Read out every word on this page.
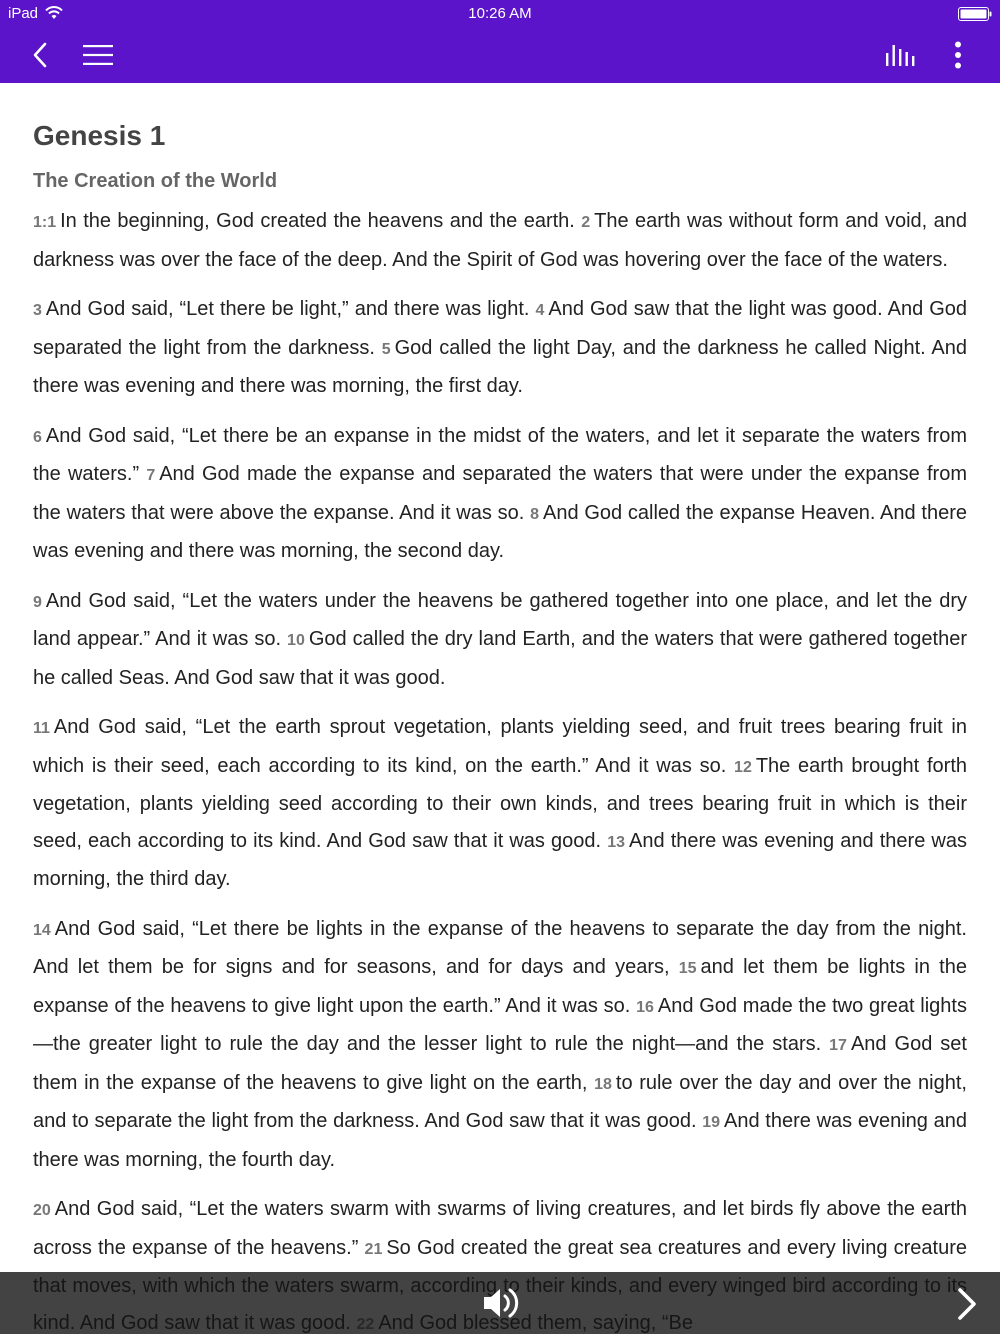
iPad	10:26 AM
Genesis 1
The Creation of the World

1:1 In the beginning, God created the heavens and the earth. 2 The earth was without form and void, and darkness was over the face of the deep. And the Spirit of God was hovering over the face of the waters.

3 And God said, “Let there be light,” and there was light. 4 And God saw that the light was good. And God separated the light from the darkness. 5 God called the light Day, and the darkness he called Night. And there was evening and there was morning, the first day.

6 And God said, “Let there be an expanse in the midst of the waters, and let it separate the waters from the waters.” 7 And God made the expanse and separated the waters that were under the expanse from the waters that were above the expanse. And it was so. 8 And God called the expanse Heaven. And there was evening and there was morning, the second day.

9 And God said, “Let the waters under the heavens be gathered together into one place, and let the dry land appear.” And it was so. 10 God called the dry land Earth, and the waters that were gathered together he called Seas. And God saw that it was good.

11 And God said, “Let the earth sprout vegetation, plants yielding seed, and fruit trees bearing fruit in which is their seed, each according to its kind, on the earth.” And it was so. 12 The earth brought forth vegetation, plants yielding seed according to their own kinds, and trees bearing fruit in which is their seed, each according to its kind. And God saw that it was good. 13 And there was evening and there was morning, the third day.

14 And God said, “Let there be lights in the expanse of the heavens to separate the day from the night. And let them be for signs and for seasons, and for days and years, 15 and let them be lights in the expanse of the heavens to give light upon the earth.” And it was so. 16 And God made the two great lights—the greater light to rule the day and the lesser light to rule the night—and the stars. 17 And God set them in the expanse of the heavens to give light on the earth, 18 to rule over the day and over the night, and to separate the light from the darkness. And God saw that it was good. 19 And there was evening and there was morning, the fourth day.

20 And God said, “Let the waters swarm with swarms of living creatures, and let birds fly above the earth across the expanse of the heavens.” 21 So God created the great sea creatures and every living creature
